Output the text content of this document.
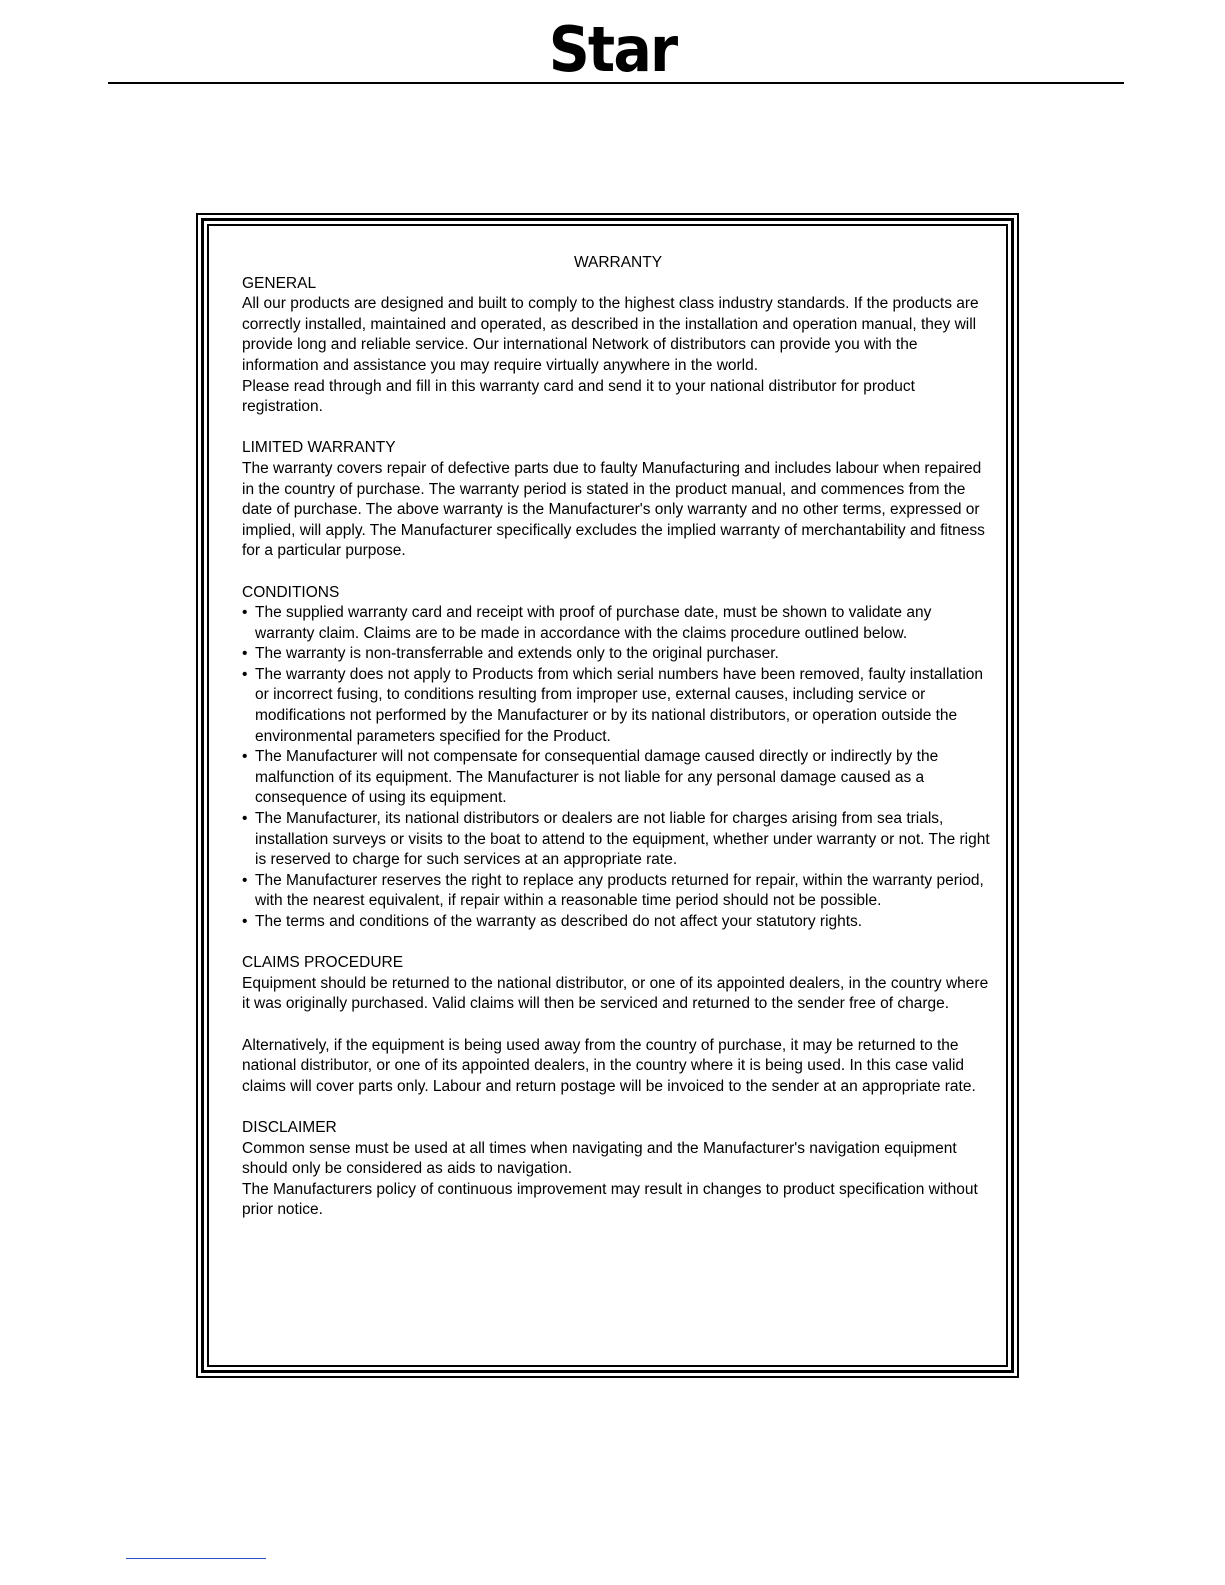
Star
WARRANTY
GENERAL

All our products are designed and built to comply to the highest class industry standards. If the products are correctly installed, maintained and operated, as described in the installation and operation manual, they will provide long and reliable service. Our international Network of distributors can provide you with the information and assistance you may require virtually anywhere in the world.

Please read through and fill in this warranty card and send it to your national distributor for product registration.

LIMITED WARRANTY

The warranty covers repair of defective parts due to faulty Manufacturing and includes labour when repaired in the country of purchase. The warranty period is stated in the product manual, and commences from the date of purchase. The above warranty is the Manufacturer's only warranty and no other terms, expressed or implied, will apply. The Manufacturer specifically excludes the implied warranty of merchantability and fitness for a particular purpose.

CONDITIONS
• The supplied warranty card and receipt with proof of purchase date, must be shown to validate any warranty claim. Claims are to be made in accordance with the claims procedure outlined below.
• The warranty is non-transferrable and extends only to the original purchaser.
• The warranty does not apply to Products from which serial numbers have been removed, faulty installation or incorrect fusing, to conditions resulting from improper use, external causes, including service or modifications not performed by the Manufacturer or by its national distributors, or operation outside the environmental parameters specified for the Product.
• The Manufacturer will not compensate for consequential damage caused directly or indirectly by the malfunction of its equipment. The Manufacturer is not liable for any personal damage caused as a consequence of using its equipment.
• The Manufacturer, its national distributors or dealers are not liable for charges arising from sea trials, installation surveys or visits to the boat to attend to the equipment, whether under warranty or not. The right is reserved to charge for such services at an appropriate rate.
• The Manufacturer reserves the right to replace any products returned for repair, within the warranty period, with the nearest equivalent, if repair within a reasonable time period should not be possible.
• The terms and conditions of the warranty as described do not affect your statutory rights.
CLAIMS PROCEDURE

Equipment should be returned to the national distributor, or one of its appointed dealers, in the country where it was originally purchased. Valid claims will then be serviced and returned to the sender free of charge.

Alternatively, if the equipment is being used away from the country of purchase, it may be returned to the national distributor, or one of its appointed dealers, in the country where it is being used. In this case valid claims will cover parts only. Labour and return postage will be invoiced to the sender at an appropriate rate.

DISCLAIMER

Common sense must be used at all times when navigating and the Manufacturer's navigation equipment should only be considered as aids to navigation.

The Manufacturers policy of continuous improvement may result in changes to product specification without prior notice.
